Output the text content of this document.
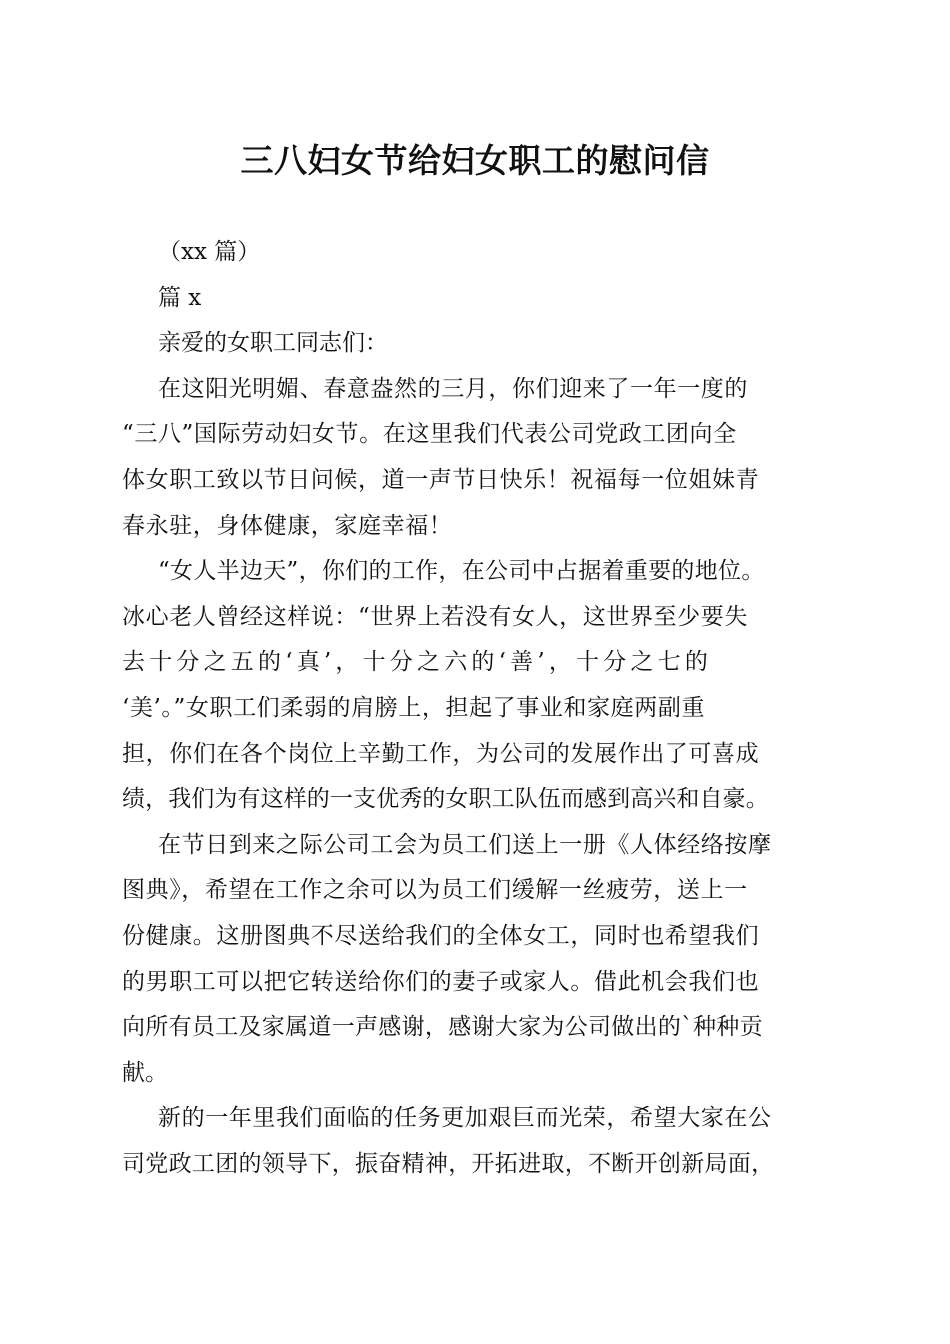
三八妇女节给妇女职工的慰问信

（xx 篇）

篇 x

亲爱的女职工同志们：

在这阳光明媚、春意盎然的三月，你们迎来了一年一度的

“三八”国际劳动妇女节。在这里我们代表公司党政工团向全

体女职工致以节日问候，道一声节日快乐！祝福每一位姐妹青

春永驻，身体健康，家庭幸福！

“女人半边天”，你们的工作，在公司中占据着重要的地位。

冰心老人曾经这样说：“世界上若没有女人，这世界至少要失

去十分之五的‘真’，十分之六的‘善’，十分之七的

‘美’。”女职工们柔弱的肩膀上，担起了事业和家庭两副重

担，你们在各个岗位上辛勤工作，为公司的发展作出了可喜成

绩，我们为有这样的一支优秀的女职工队伍而感到高兴和自豪。

在节日到来之际公司工会为员工们送上一册《人体经络按摩

图典》，希望在工作之余可以为员工们缓解一丝疲劳，送上一

份健康。这册图典不尽送给我们的全体女工，同时也希望我们

的男职工可以把它转送给你们的妻子或家人。借此机会我们也

向所有员工及家属道一声感谢，感谢大家为公司做出的`种种贡

献。

新的一年里我们面临的任务更加艰巨而光荣，希望大家在公

司党政工团的领导下，振奋精神，开拓进取，不断开创新局面，
